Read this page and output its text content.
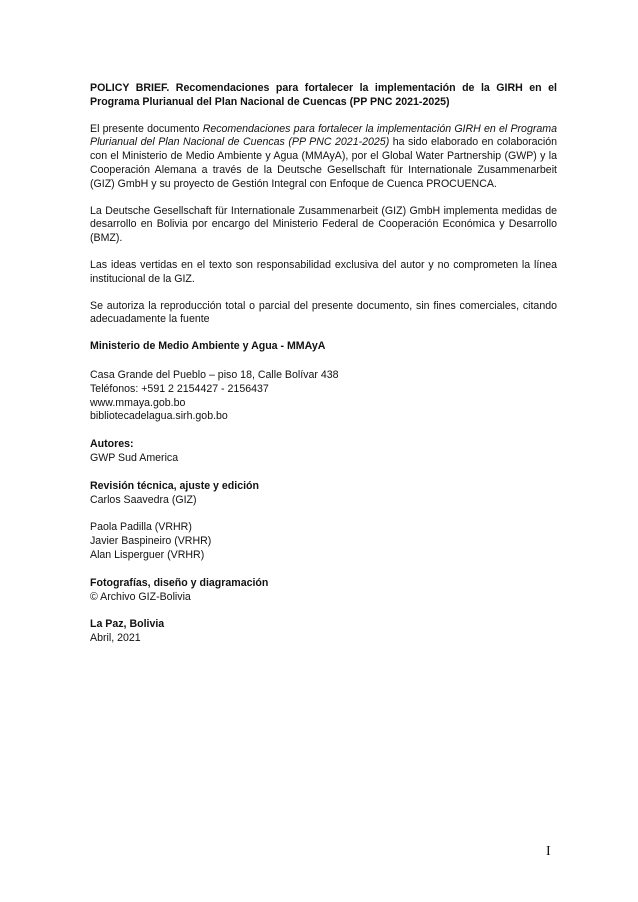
POLICY BRIEF. Recomendaciones para fortalecer la implementación de la GIRH en el Programa Plurianual del Plan Nacional de Cuencas (PP PNC 2021-2025)

El presente documento Recomendaciones para fortalecer la implementación GIRH en el Programa Plurianual del Plan Nacional de Cuencas (PP PNC 2021-2025) ha sido elaborado en colaboración con el Ministerio de Medio Ambiente y Agua (MMAyA), por el Global Water Partnership (GWP) y la Cooperación Alemana a través de la Deutsche Gesellschaft für Internationale Zusammenarbeit (GIZ) GmbH y su proyecto de Gestión Integral con Enfoque de Cuenca PROCUENCA.

La Deutsche Gesellschaft für Internationale Zusammenarbeit (GIZ) GmbH implementa medidas de desarrollo en Bolivia por encargo del Ministerio Federal de Cooperación Económica y Desarrollo (BMZ).

Las ideas vertidas en el texto son responsabilidad exclusiva del autor y no comprometen la línea institucional de la GIZ.

Se autoriza la reproducción total o parcial del presente documento, sin fines comerciales, citando adecuadamente la fuente

Ministerio de Medio Ambiente y Agua - MMAyA

Casa Grande del Pueblo – piso 18, Calle Bolívar 438

Teléfonos: +591 2 2154427 - 2156437

www.mmaya.gob.bo

bibliotecadelagua.sirh.gob.bo

Autores:

GWP Sud America

Revisión técnica, ajuste y edición

Carlos Saavedra (GIZ)

Paola Padilla (VRHR)

Javier Baspineiro (VRHR)

Alan Lisperguer (VRHR)

Fotografías, diseño y diagramación

© Archivo GIZ-Bolivia

La Paz, Bolivia

Abril, 2021

I
